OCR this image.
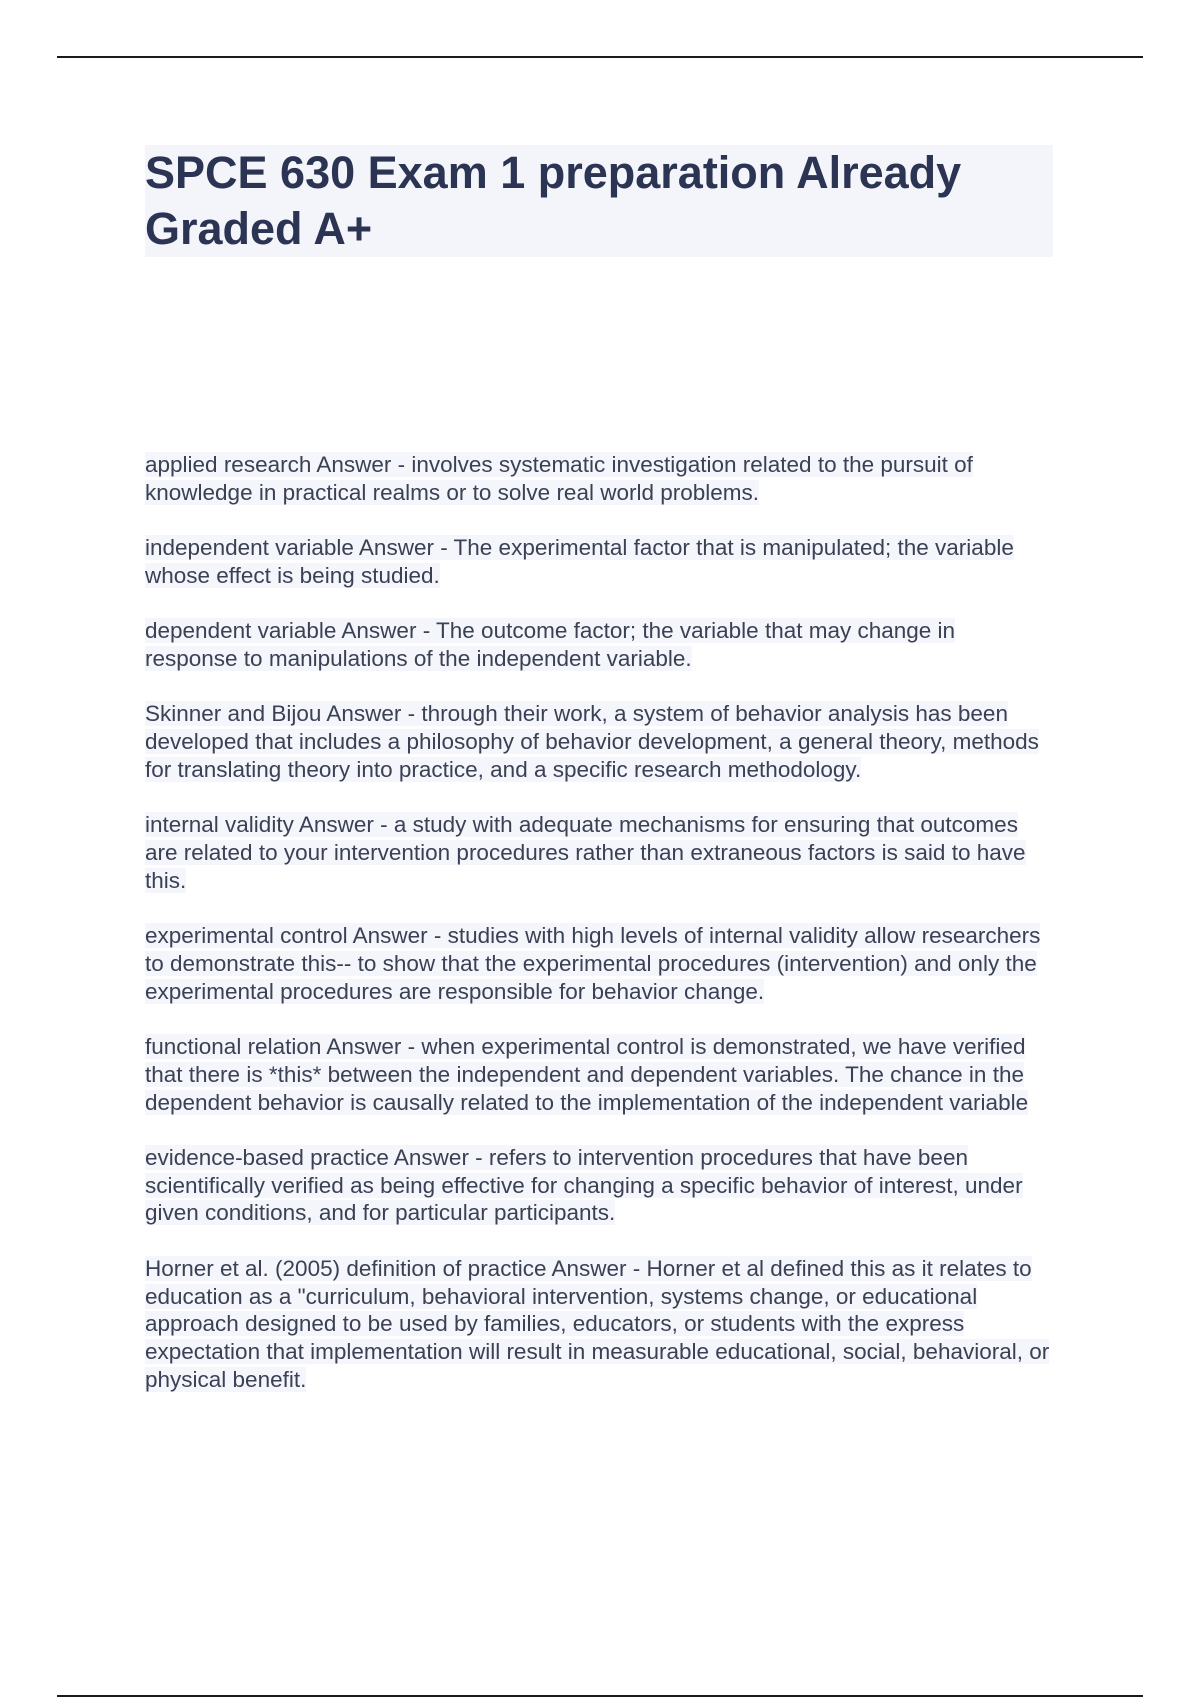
SPCE 630 Exam 1 preparation Already Graded A+

applied research Answer - involves systematic investigation related to the pursuit of knowledge in practical realms or to solve real world problems.

independent variable Answer - The experimental factor that is manipulated; the variable whose effect is being studied.

dependent variable Answer - The outcome factor; the variable that may change in response to manipulations of the independent variable.

Skinner and Bijou Answer - through their work, a system of behavior analysis has been developed that includes a philosophy of behavior development, a general theory, methods for translating theory into practice, and a specific research methodology.

internal validity Answer - a study with adequate mechanisms for ensuring that outcomes are related to your intervention procedures rather than extraneous factors is said to have this.

experimental control Answer - studies with high levels of internal validity allow researchers to demonstrate this-- to show that the experimental procedures (intervention) and only the experimental procedures are responsible for behavior change.

functional relation Answer - when experimental control is demonstrated, we have verified that there is *this* between the independent and dependent variables. The chance in the dependent behavior is causally related to the implementation of the independent variable

evidence-based practice Answer - refers to intervention procedures that have been scientifically verified as being effective for changing a specific behavior of interest, under given conditions, and for particular participants.

Horner et al. (2005) definition of practice Answer - Horner et al defined this as it relates to education as a "curriculum, behavioral intervention, systems change, or educational approach designed to be used by families, educators, or students with the express expectation that implementation will result in measurable educational, social, behavioral, or physical benefit.
